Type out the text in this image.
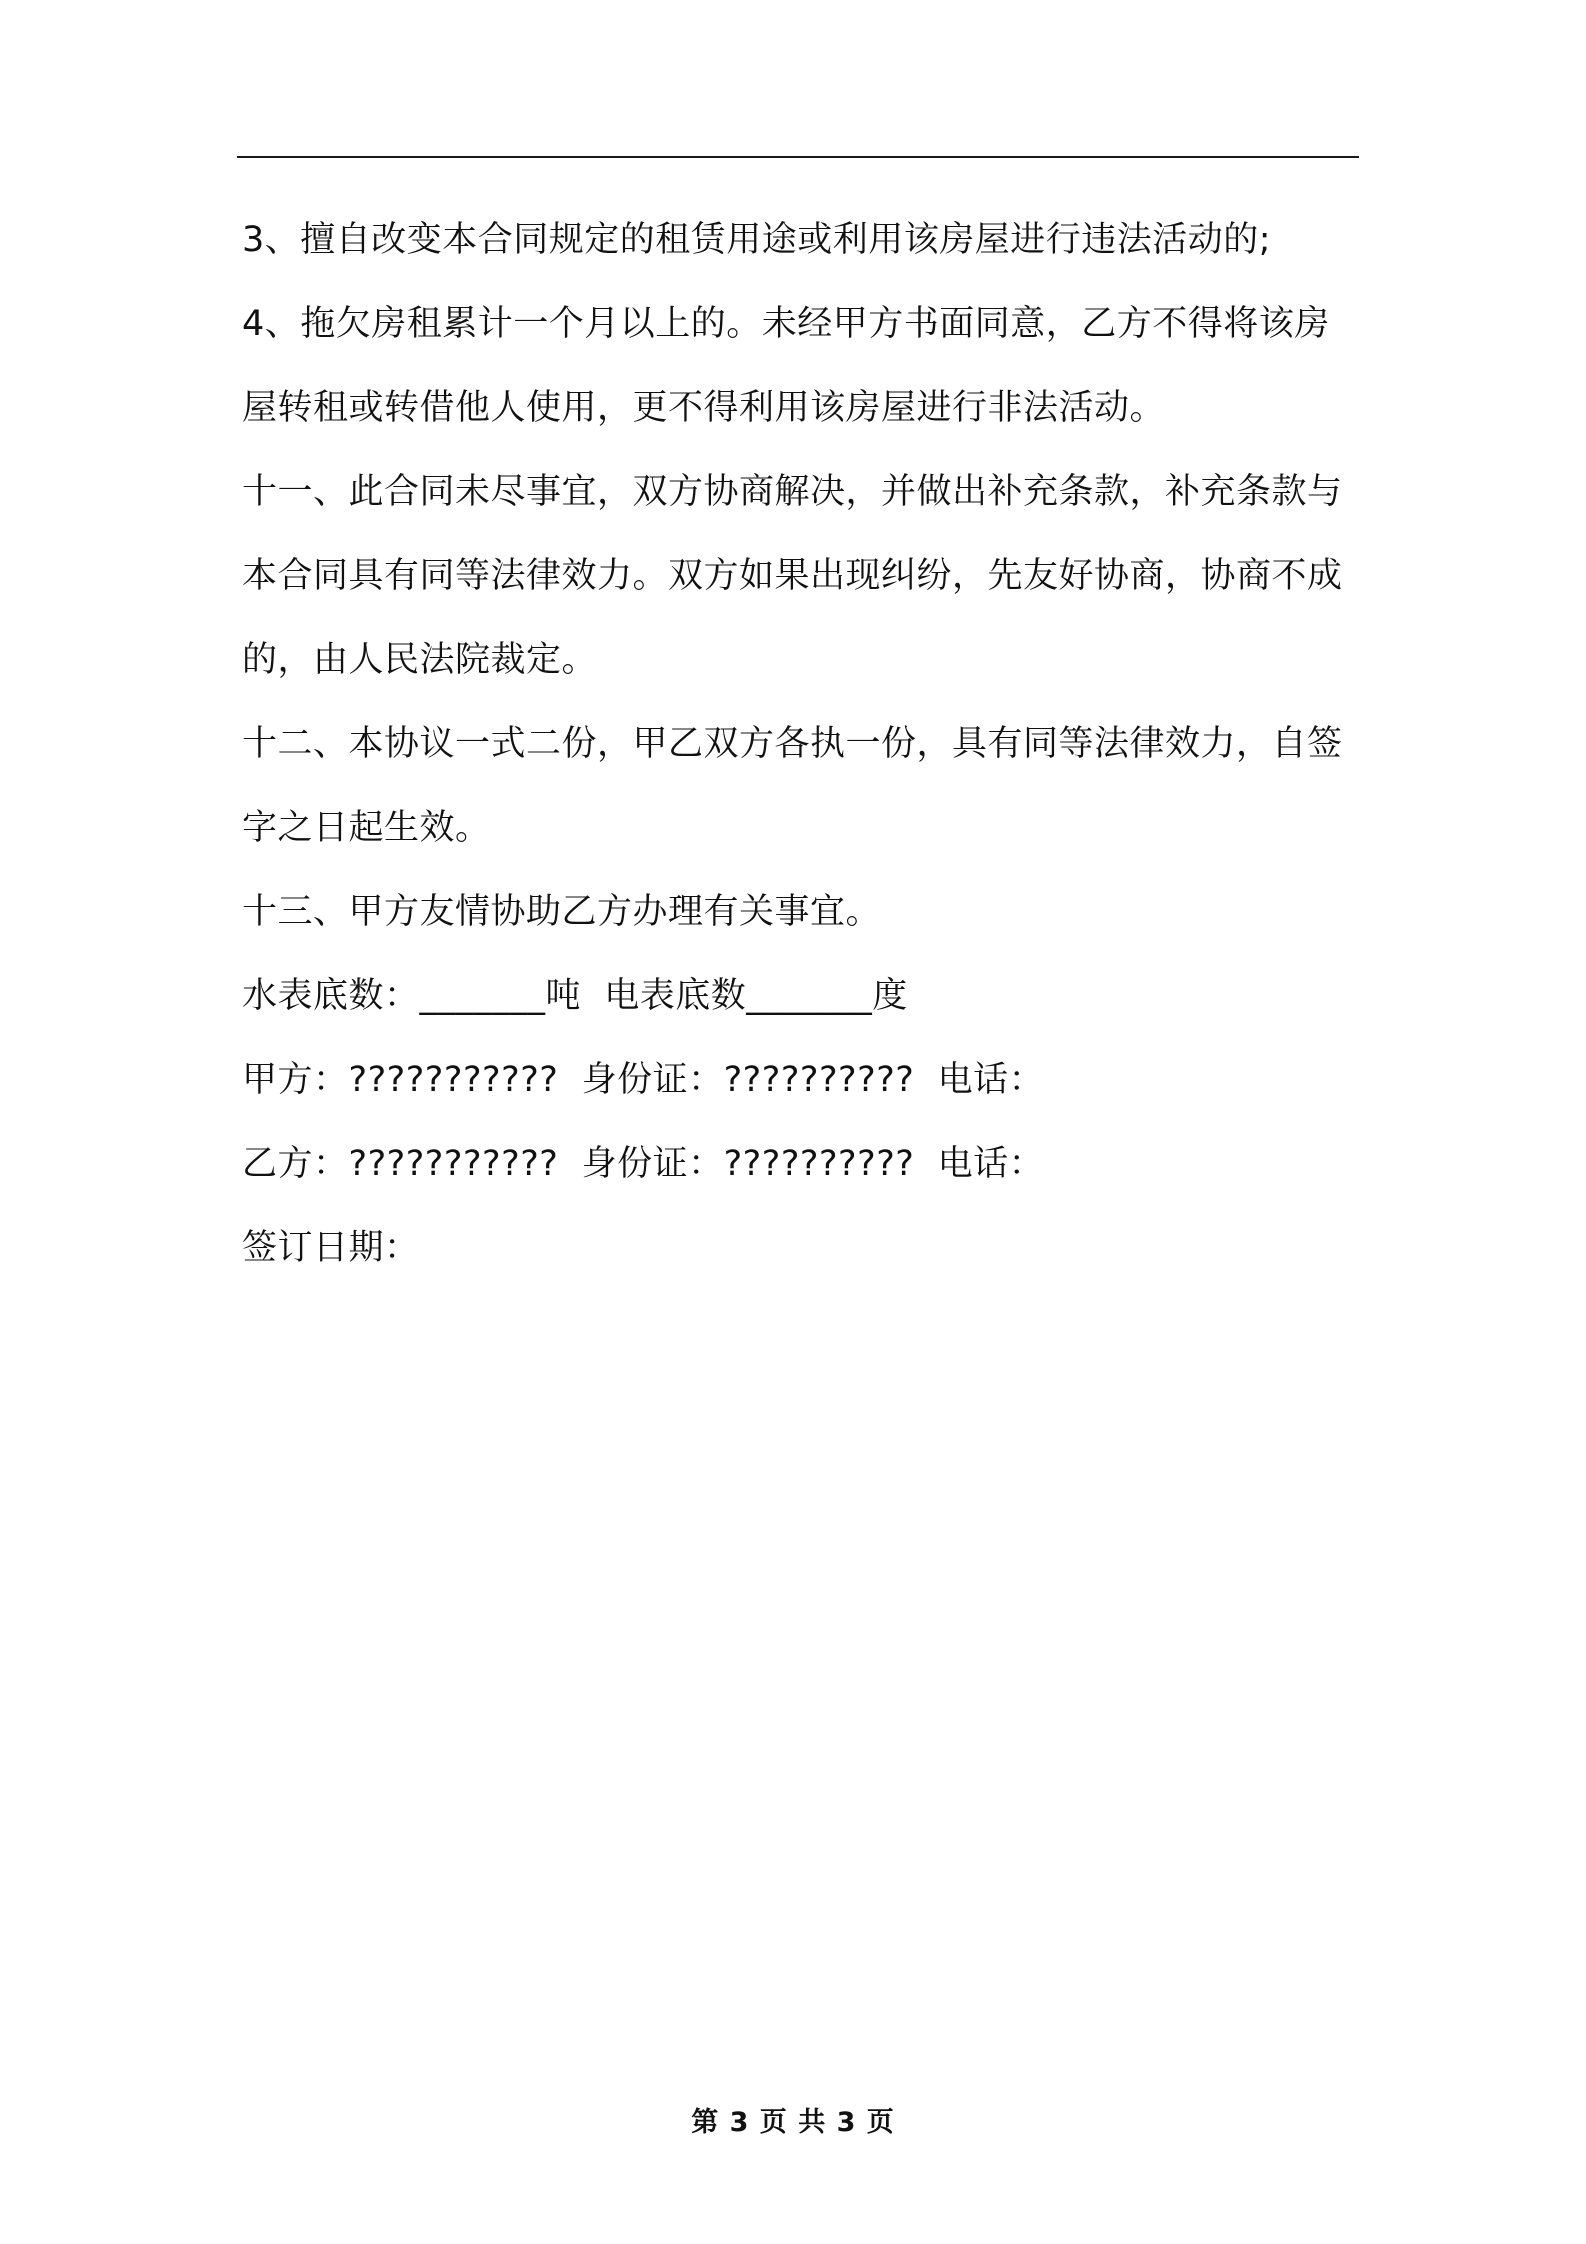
3、擅自改变本合同规定的租赁用途或利用该房屋进行违法活动的;

4、拖欠房租累计一个月以上的。未经甲方书面同意，乙方不得将该房屋转租或转借他人使用，更不得利用该房屋进行非法活动。

十一、此合同未尽事宜，双方协商解决，并做出补充条款，补充条款与本合同具有同等法律效力。双方如果出现纠纷，先友好协商，协商不成的，由人民法院裁定。

十二、本协议一式二份，甲乙双方各执一份，具有同等法律效力，自签字之日起生效。

十三、甲方友情协助乙方办理有关事宜。

水表底数：_______吨  电表底数_______度

甲方：???????????  身份证：??????????  电话：

乙方：???????????  身份证：??????????  电话：

签订日期：

第 3 页 共 3 页
